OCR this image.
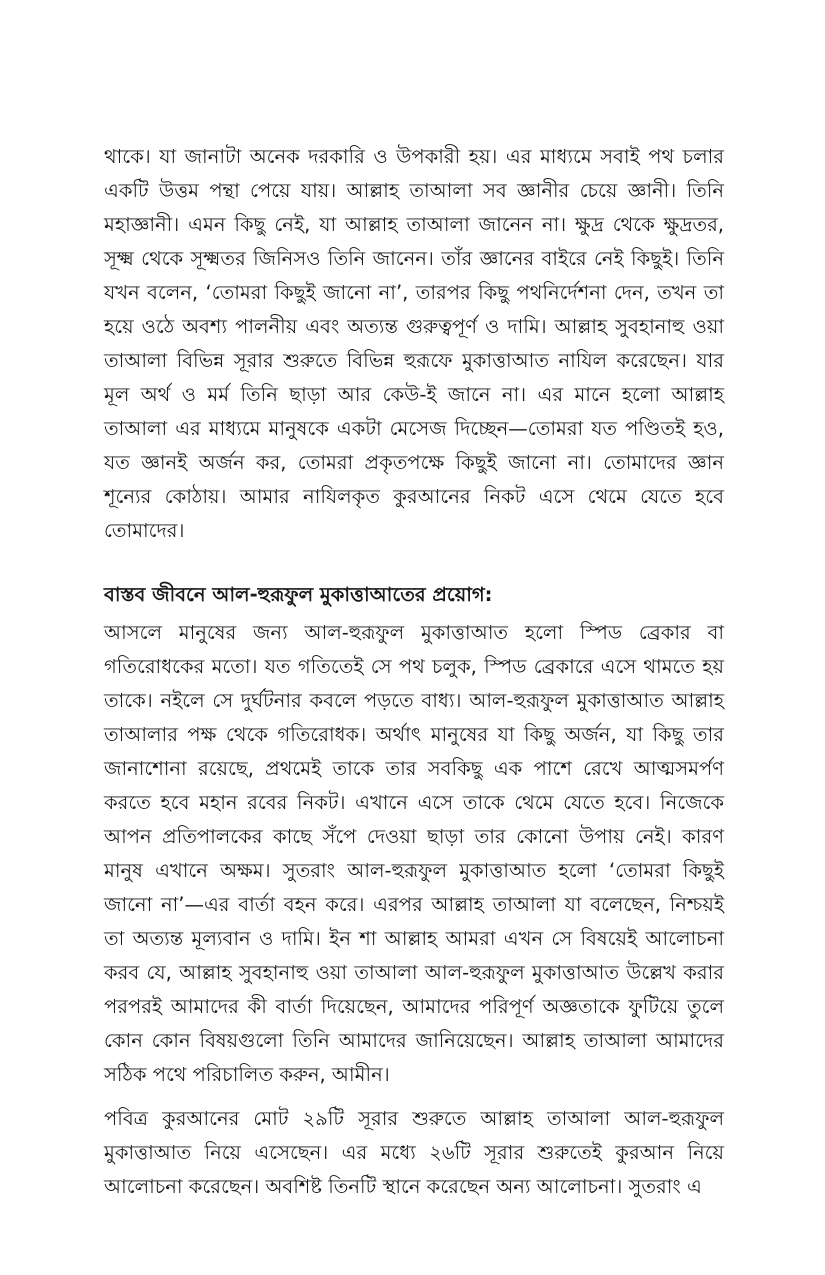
থাকে। যা জানাটা অনেক দরকারি ও উপকারী হয়। এর মাধ্যমে সবাই পথ চলার একটি উত্তম পন্থা পেয়ে যায়। আল্লাহ তাআলা সব জ্ঞানীর চেয়ে জ্ঞানী। তিনি মহাজ্ঞানী। এমন কিছু নেই, যা আল্লাহ তাআলা জানেন না। ক্ষুদ্র থেকে ক্ষুদ্রতর, সূক্ষ্ম থেকে সূক্ষ্মতর জিনিসও তিনি জানেন। তাঁর জ্ঞানের বাইরে নেই কিছুই। তিনি যখন বলেন, ‘তোমরা কিছুই জানো না’, তারপর কিছু পথনির্দেশনা দেন, তখন তা হয়ে ওঠে অবশ্য পালনীয় এবং অত্যন্ত গুরুত্বপূর্ণ ও দামি। আল্লাহ সুবহানাহু ওয়া তাআলা বিভিন্ন সূরার শুরুতে বিভিন্ন হুরূফে মুকাত্তাআত নাযিল করেছেন। যার মূল অর্থ ও মর্ম তিনি ছাড়া আর কেউ-ই জানে না। এর মানে হলো আল্লাহ তাআলা এর মাধ্যমে মানুষকে একটা মেসেজ দিচ্ছেন—তোমরা যত পণ্ডিতই হও, যত জ্ঞানই অর্জন কর, তোমরা প্রকৃতপক্ষে কিছুই জানো না। তোমাদের জ্ঞান শূন্যের কোঠায়। আমার নাযিলকৃত কুরআনের নিকট এসে থেমে যেতে হবে তোমাদের।

বাস্তব জীবনে আল-হুরূফুল মুকাত্তাআতের প্রয়োগ:

আসলে মানুষের জন্য আল-হুরূফুল মুকাত্তাআত হলো স্পিড ব্রেকার বা গতিরোধকের মতো। যত গতিতেই সে পথ চলুক, স্পিড ব্রেকারে এসে থামতে হয় তাকে। নইলে সে দুর্ঘটনার কবলে পড়তে বাধ্য। আল-হুরূফুল মুকাত্তাআত আল্লাহ তাআলার পক্ষ থেকে গতিরোধক। অর্থাৎ মানুষের যা কিছু অর্জন, যা কিছু তার জানাশোনা রয়েছে, প্রথমেই তাকে তার সবকিছু এক পাশে রেখে আত্মসমর্পণ করতে হবে মহান রবের নিকট। এখানে এসে তাকে থেমে যেতে হবে। নিজেকে আপন প্রতিপালকের কাছে সঁপে দেওয়া ছাড়া তার কোনো উপায় নেই। কারণ মানুষ এখানে অক্ষম। সুতরাং আল-হুরূফুল মুকাত্তাআত হলো ‘তোমরা কিছুই জানো না’—এর বার্তা বহন করে। এরপর আল্লাহ তাআলা যা বলেছেন, নিশ্চয়ই তা অত্যন্ত মূল্যবান ও দামি। ইন শা আল্লাহ আমরা এখন সে বিষয়েই আলোচনা করব যে, আল্লাহ সুবহানাহু ওয়া তাআলা আল-হুরূফুল মুকাত্তাআত উল্লেখ করার পরপরই আমাদের কী বার্তা দিয়েছেন, আমাদের পরিপূর্ণ অজ্ঞতাকে ফুটিয়ে তুলে কোন কোন বিষয়গুলো তিনি আমাদের জানিয়েছেন। আল্লাহ তাআলা আমাদের সঠিক পথে পরিচালিত করুন, আমীন।

পবিত্র কুরআনের মোট ২৯টি সূরার শুরুতে আল্লাহ তাআলা আল-হুরূফুল মুকাত্তাআত নিয়ে এসেছেন। এর মধ্যে ২৬টি সূরার শুরুতেই কুরআন নিয়ে আলোচনা করেছেন। অবশিষ্ট তিনটি স্থানে করেছেন অন্য আলোচনা। সুতরাং এ
